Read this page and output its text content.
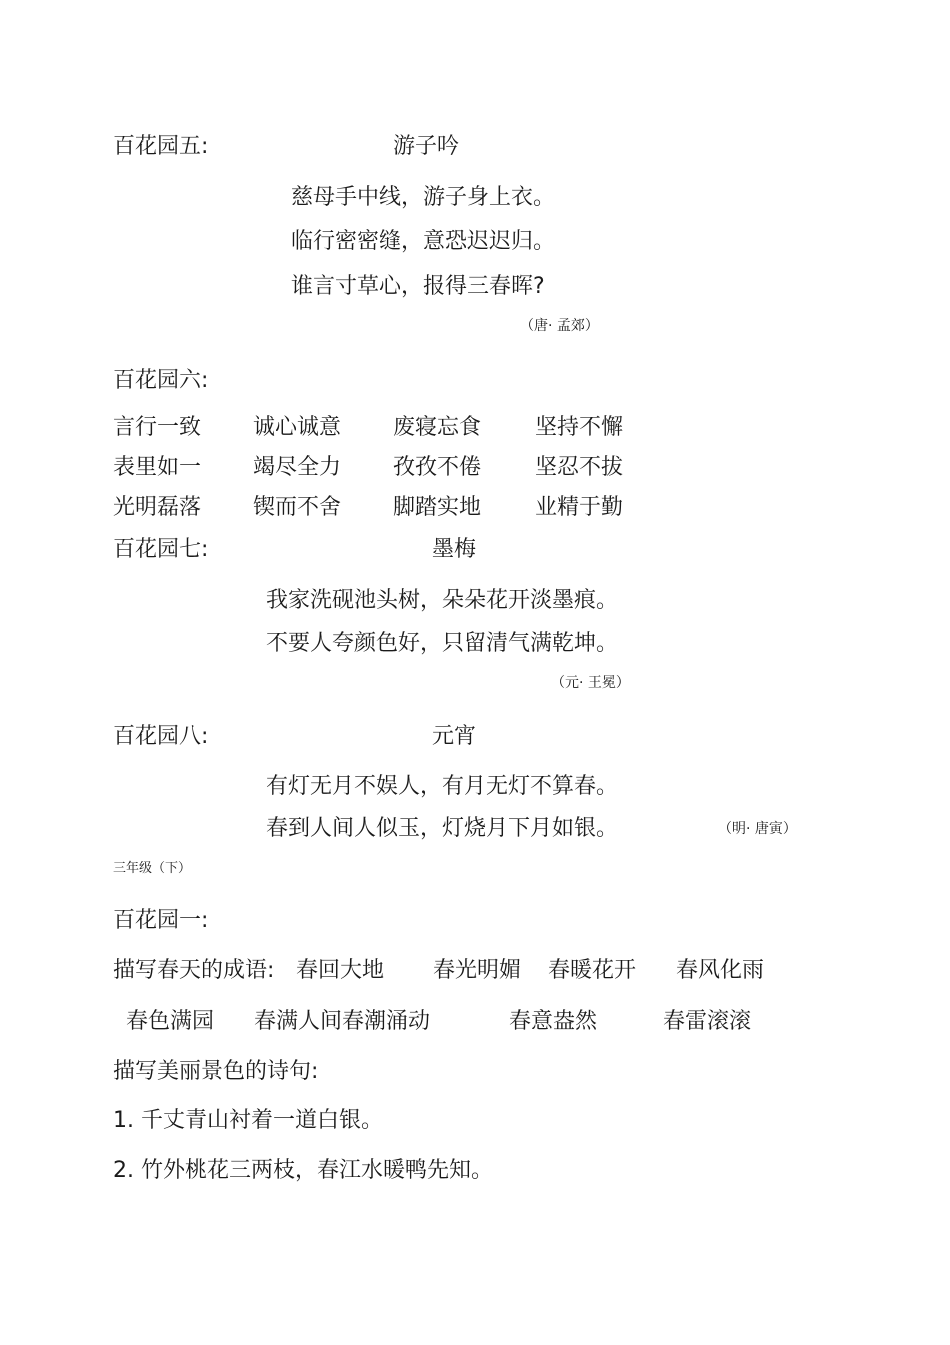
百花园五:	游子吟
慈母手中线，游子身上衣。
临行密密缝，意恐迟迟归。
谁言寸草心，报得三春晖?
（唐· 孟郊）
百花园六:
言行一致 诚心诚意 废寝忘食 坚持不懈
表里如一 竭尽全力 孜孜不倦 坚忍不拔
光明磊落 锲而不舍 脚踏实地 业精于勤
百花园七:	墨梅
我家洗砚池头树，朵朵花开淡墨痕。
不要人夸颜色好，只留清气满乾坤。
（元· 王冕）
百花园八:	元宵
有灯无月不娱人，有月无灯不算春。
春到人间人似玉，灯烧月下月如银。	（明· 唐寅）
三年级（下）
百花园一:
描写春天的成语: 春回大地 春光明媚 春暖花开 春风化雨
春色满园 春满人间春潮涌动	春意盎然	春雷滚滚
描写美丽景色的诗句:
1. 千丈青山衬着一道白银。
2. 竹外桃花三两枝，春江水暖鸭先知。
